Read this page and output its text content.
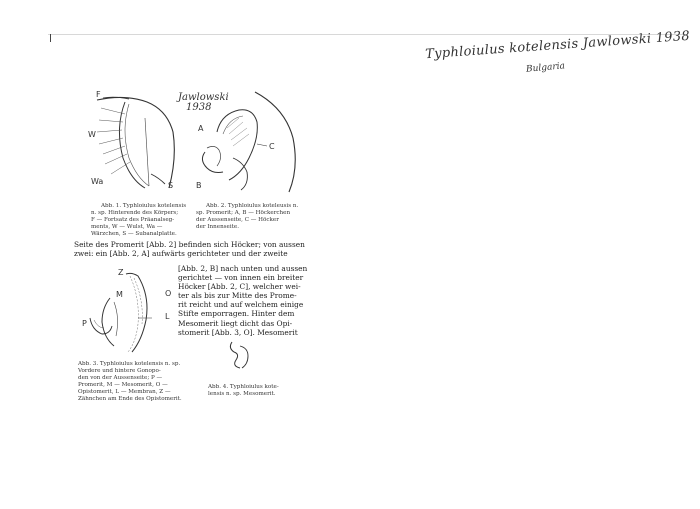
Typhloiulus kotelensis Jawlowski 1938
Bulgaria
Jawlowski
1938
F
W
Wa	S
A
C
B
Abb. 1. Typhloiulus kotelensis
n. sp. Hinterende des Körpers;
F — Fortsatz des Präanalseg-
ments, W — Wulst, Wa —
Wärzchen, S — Subanalplatte.
Abb. 2. Typhloiulus koteleusis n.
sp. Promerit; A, B — Höckerchen
der Aussenseite, C — Höcker
der Innenseite.
Seite des Promerit [Abb. 2] befinden sich Höcker; von aussen
zwei: ein [Abb. 2, A] aufwärts gerichteter und der zweite
[Abb. 2, B] nach unten und aussen
gerichtet — von innen ein breiter
Höcker [Abb. 2, C], welcher wei-
ter als bis zur Mitte des Prome-
rit reicht und auf welchem einige
Stifte emporragen. Hinter dem
Mesomerit liegt dicht das Opi-
stomerit [Abb. 3, O]. Mesomerit
Z
M	O
P
L
Abb. 3. Typhloiulus kotelensis n. sp.
Vordere und hintere Gonopo-
den von der Aussenseite; P —
Promerit, M — Mesomerit, O —
Opistomerit, L — Membran, Z —
Zähnchen am Ende des Opistomerit.
Abb. 4. Typhloiulus kote-
lensis n. sp. Mesomerit.
